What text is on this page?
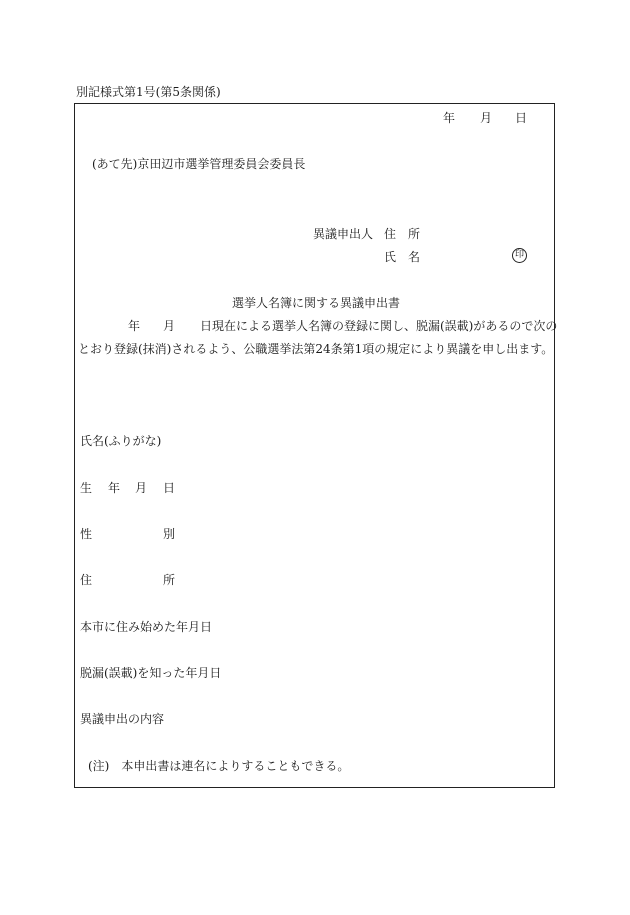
別記様式第1号(第5条関係)
年 月 日
(あて先)京田辺市選挙管理委員会委員長
異議申出人 住　所
氏　名	印
選挙人名簿に関する異議申出書
年 月 日現在による選挙人名簿の登録に関し、脱漏(誤載)があるので次の
とおり登録(抹消)されるよう、公職選挙法第24条第1項の規定により異議を申し出ます。
氏名(ふりがな)
生 年 月 日
性	別
住	所
本市に住み始めた年月日
脱漏(誤載)を知った年月日
異議申出の内容
(注)　本申出書は連名によりすることもできる。
